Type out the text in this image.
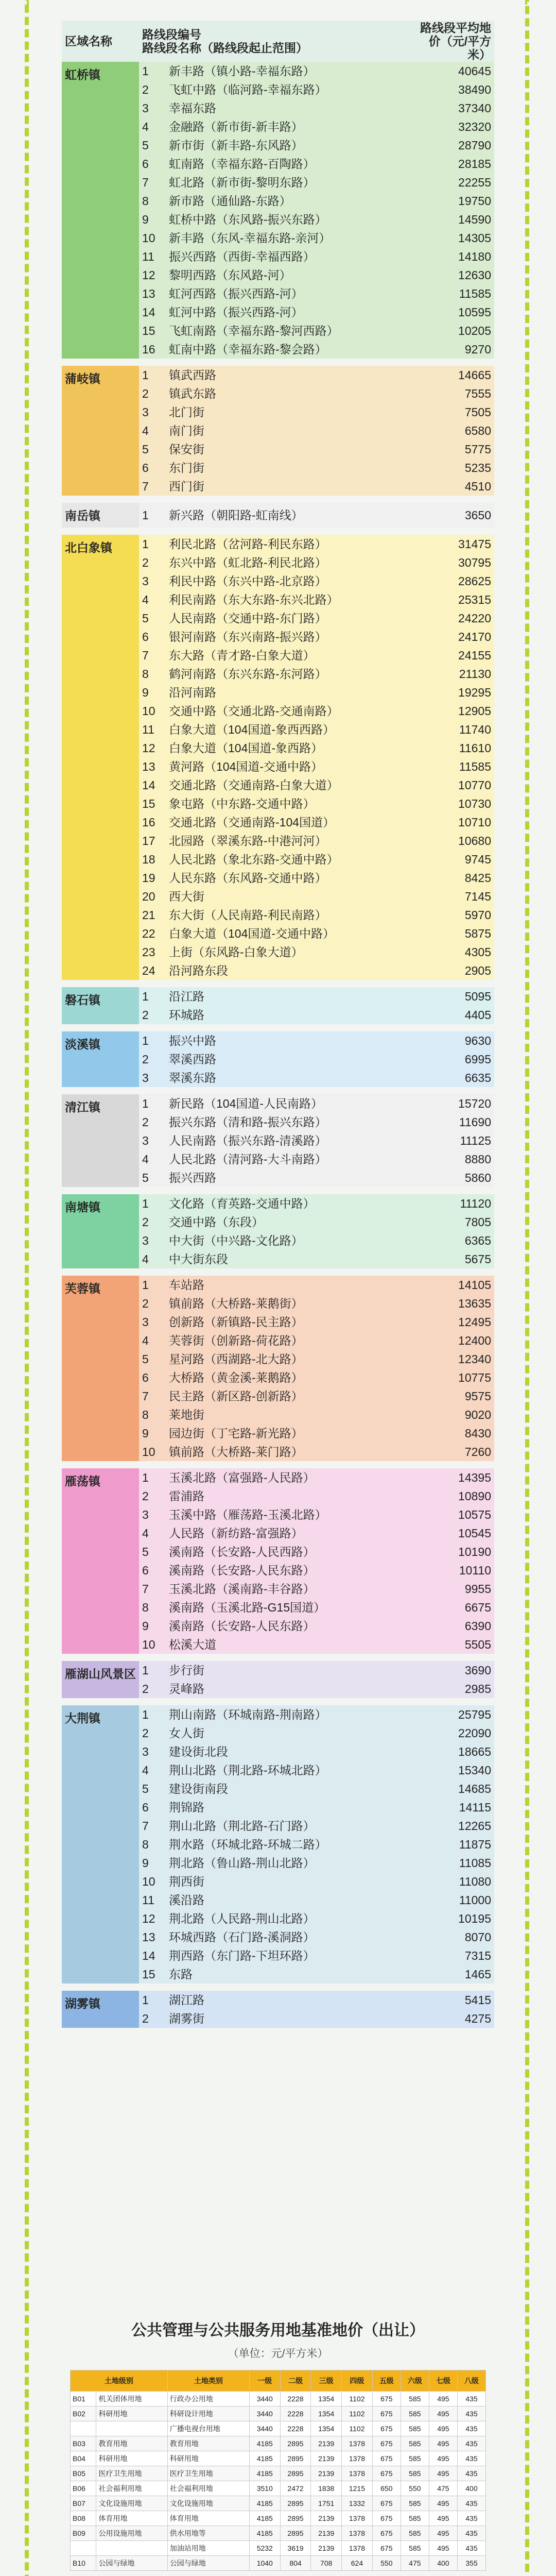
区域名称	路线段编号
路线段名称（路线段起止范围）		路线段平均地价（元/平方米）
虹桥镇	1	新丰路（镇小路-幸福东路）	40645
	2	飞虹中路（临河路-幸福东路）	38490
	3	幸福东路	37340
	4	金融路（新市街-新丰路）	32320
	5	新市街（新丰路-东风路）	28790
	6	虹南路（幸福东路-百陶路）	28185
	7	虹北路（新市街-黎明东路）	22255
	8	新市路（通仙路-东路）	19750
	9	虹桥中路（东风路-振兴东路）	14590
	10	新丰路（东风-幸福东路-亲河）	14305
	11	振兴西路（西街-幸福西路）	14180
	12	黎明西路（东风路-河）	12630
	13	虹河西路（振兴西路-河）	11585
	14	虹河中路（振兴西路-河）	10595
	15	飞虹南路（幸福东路-黎河西路）	10205
	16	虹南中路（幸福东路-黎会路）	9270

蒲岐镇	1	镇武西路	14665
	2	镇武东路	7555
	3	北门街	7505
	4	南门街	6580
	5	保安街	5775
	6	东门街	5235
	7	西门街	4510

南岳镇	1	新兴路（朝阳路-虹南线）	3650

北白象镇	1	利民北路（岔河路-利民东路）	31475
	2	东兴中路（虹北路-利民北路）	30795
	3	利民中路（东兴中路-北京路）	28625
	4	利民南路（东大东路-东兴北路）	25315
	5	人民南路（交通中路-东门路）	24220
	6	银河南路（东兴南路-振兴路）	24170
	7	东大路（青才路-白象大道）	24155
	8	鹤河南路（东兴东路-东河路）	21130
	9	沿河南路	19295
	10	交通中路（交通北路-交通南路）	12905
	11	白象大道（104国道-象西西路）	11740
	12	白象大道（104国道-象西路）	11610
	13	黄河路（104国道-交通中路）	11585
	14	交通北路（交通南路-白象大道）	10770
	15	象屯路（中东路-交通中路）	10730
	16	交通北路（交通南路-104国道）	10710
	17	北园路（翠溪东路-中港河河）	10680
	18	人民北路（象北东路-交通中路）	9745
	19	人民东路（东风路-交通中路）	8425
	20	西大街	7145
	21	东大街（人民南路-利民南路）	5970
	22	白象大道（104国道-交通中路）	5875
	23	上街（东风路-白象大道）	4305
	24	沿河路东段	2905

磐石镇	1	沿江路	5095
	2	环城路	4405

淡溪镇	1	振兴中路	9630
	2	翠溪西路	6995
	3	翠溪东路	6635

清江镇	1	新民路（104国道-人民南路）	15720
	2	振兴东路（清和路-振兴东路）	11690
	3	人民南路（振兴东路-清溪路）	11125
	4	人民北路（清河路-大斗南路）	8880
	5	振兴西路	5860

南塘镇	1	文化路（育英路-交通中路）	11120
	2	交通中路（东段）	7805
	3	中大街（中兴路-文化路）	6365
	4	中大街东段	5675

芙蓉镇	1	车站路	14105
	2	镇前路（大桥路-莱鹅街）	13635
	3	创新路（新镇路-民主路）	12495
	4	芙蓉街（创新路-荷花路）	12400
	5	星河路（西湖路-北大路）	12340
	6	大桥路（黄金溪-莱鹅路）	10775
	7	民主路（新区路-创新路）	9575
	8	莱地街	9020
	9	园边街（丁宅路-新光路）	8430
	10	镇前路（大桥路-莱门路）	7260

雁荡镇	1	玉溪北路（富强路-人民路）	14395
	2	雷浦路	10890
	3	玉溪中路（雁荡路-玉溪北路）	10575
	4	人民路（新纺路-富强路）	10545
	5	溪南路（长安路-人民西路）	10190
	6	溪南路（长安路-人民东路）	10110
	7	玉溪北路（溪南路-丰谷路）	9955
	8	溪南路（玉溪北路-G15国道）	6675
	9	溪南路（长安路-人民东路）	6390
	10	松溪大道	5505

雁湖山风景区	1	步行街	3690
	2	灵峰路	2985

大荆镇	1	荆山南路（环城南路-荆南路）	25795
	2	女人街	22090
	3	建设街北段	18665
	4	荆山北路（荆北路-环城北路）	15340
	5	建设街南段	14685
	6	荆锦路	14115
	7	荆山北路（荆北路-石门路）	12265
	8	荆水路（环城北路-环城二路）	11875
	9	荆北路（鲁山路-荆山北路）	11085
	10	荆西街	11080
	11	溪沿路	11000
	12	荆北路（人民路-荆山北路）	10195
	13	环城西路（石门路-溪洞路）	8070
	14	荆西路（东门路-下坦环路）	7315
	15	东路	1465

湖雾镇	1	湖江路	5415
	2	湖雾街	4275

公共管理与公共服务用地基准地价（出让）
（单位：元/平方米）
土地级别		土地类别	一级	二级	三级	四级	五级	六级	七级	八级
B01	机关团体用地	行政办公用地	3440	2228	1354	1102	675	585	495	435
B02	科研用地	科研设计用地	3440	2228	1354	1102	675	585	495	435
		广播电视台用地	3440	2228	1354	1102	675	585	495	435
B03	教育用地	教育用地	4185	2895	2139	1378	675	585	495	435
B04	科研用地	科研用地	4185	2895	2139	1378	675	585	495	435
B05	医疗卫生用地	医疗卫生用地	4185	2895	2139	1378	675	585	495	435
B06	社会福利用地	社会福利用地	3510	2472	1838	1215	650	550	475	400
B07	文化设施用地	文化设施用地	4185	2895	1751	1332	675	585	495	435
B08	体育用地	体育用地	4185	2895	2139	1378	675	585	495	435
B09	公用设施用地	供水用地等	4185	2895	2139	1378	675	585	495	435
		加油站用地	5232	3619	2139	1378	675	585	495	435
B10	公园与绿地	公园与绿地	1040	804	708	624	550	475	400	355
